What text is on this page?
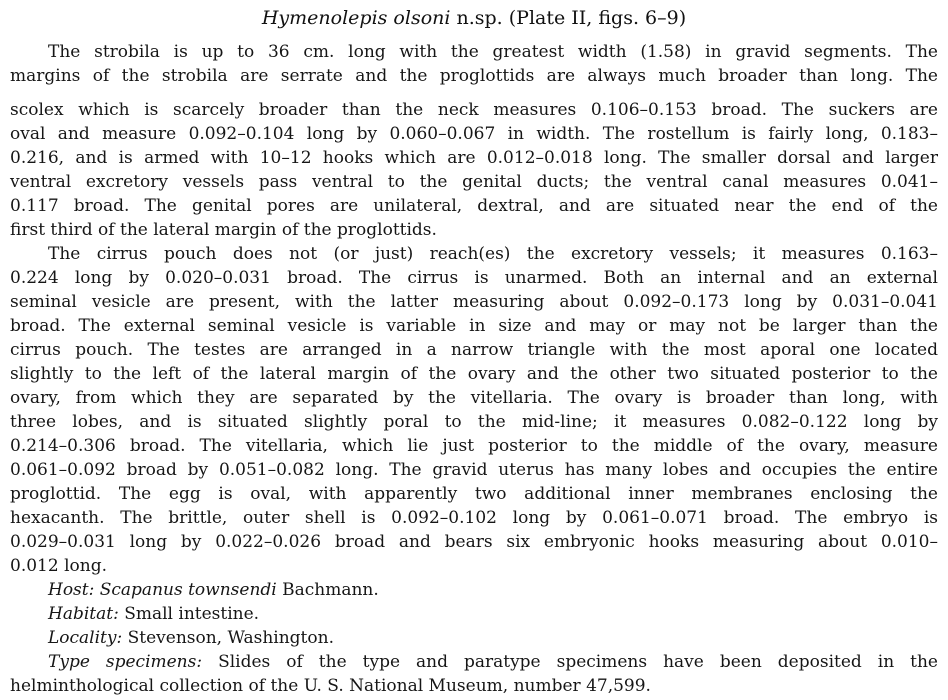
Hymenolepis olsoni n.sp. (Plate II, figs. 6–9)
The strobila is up to 36 cm. long with the greatest width (1.58) in gravid segments. The
margins of the strobila are serrate and the proglottids are always much broader than long. The
scolex which is scarcely broader than the neck measures 0.106–0.153 broad. The suckers are
oval and measure 0.092–0.104 long by 0.060–0.067 in width. The rostellum is fairly long, 0.183–
0.216, and is armed with 10–12 hooks which are 0.012–0.018 long. The smaller dorsal and larger
ventral excretory vessels pass ventral to the genital ducts; the ventral canal measures 0.041–
0.117 broad. The genital pores are unilateral, dextral, and are situated near the end of the
first third of the lateral margin of the proglottids.
The cirrus pouch does not (or just) reach(es) the excretory vessels; it measures 0.163–
0.224 long by 0.020–0.031 broad. The cirrus is unarmed. Both an internal and an external
seminal vesicle are present, with the latter measuring about 0.092–0.173 long by 0.031–0.041
broad. The external seminal vesicle is variable in size and may or may not be larger than the
cirrus pouch. The testes are arranged in a narrow triangle with the most aporal one located
slightly to the left of the lateral margin of the ovary and the other two situated posterior to the
ovary, from which they are separated by the vitellaria. The ovary is broader than long, with
three lobes, and is situated slightly poral to the mid-line; it measures 0.082–0.122 long by
0.214–0.306 broad. The vitellaria, which lie just posterior to the middle of the ovary, measure
0.061–0.092 broad by 0.051–0.082 long. The gravid uterus has many lobes and occupies the entire
proglottid. The egg is oval, with apparently two additional inner membranes enclosing the
hexacanth. The brittle, outer shell is 0.092–0.102 long by 0.061–0.071 broad. The embryo is
0.029–0.031 long by 0.022–0.026 broad and bears six embryonic hooks measuring about 0.010–
0.012 long.
Host: Scapanus townsendi Bachmann.
Habitat: Small intestine.
Locality: Stevenson, Washington.
Type specimens: Slides of the type and paratype specimens have been deposited in the
helminthological collection of the U. S. National Museum, number 47,599.
